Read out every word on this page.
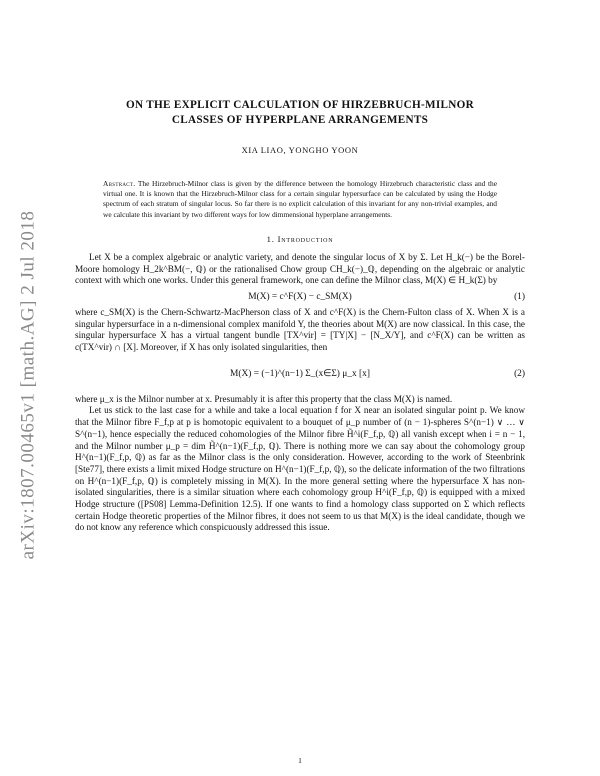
arXiv:1807.00465v1 [math.AG] 2 Jul 2018
ON THE EXPLICIT CALCULATION OF HIRZEBRUCH-MILNOR
CLASSES OF HYPERPLANE ARRANGEMENTS
XIA LIAO, YONGHO YOON
Abstract. The Hirzebruch-Milnor class is given by the difference between the homology Hirzebruch characteristic class and the virtual one. It is known that the Hirzebruch-Milnor class for a certain singular hypersurface can be calculated by using the Hodge spectrum of each stratum of singular locus. So far there is no explicit calculation of this invariant for any non-trivial examples, and we calculate this invariant by two different ways for low dimmensional hyperplane arrangements.
1. Introduction

Let X be a complex algebraic or analytic variety, and denote the singular locus of X by Σ. Let H_k(−) be the Borel-Moore homology H_2k^BM(−, ℚ) or the rationalised Chow group CH_k(−)_ℚ, depending on the algebraic or analytic context with which one works. Under this general framework, one can define the Milnor class, M(X) ∈ H_k(Σ) by

M(X) = c^F(X) − c_SM(X)	(1)

where c_SM(X) is the Chern-Schwartz-MacPherson class of X and c^F(X) is the Chern-Fulton class of X. When X is a singular hypersurface in a n-dimensional complex manifold Y, the theories about M(X) are now classical. In this case, the singular hypersurface X has a virtual tangent bundle [TX^vir] = [TY|X] − [N_X/Y], and c^F(X) can be written as c(TX^vir) ∩ [X]. Moreover, if X has only isolated singularities, then

M(X) = (−1)^(n−1) Σ_(x∈Σ) μ_x [x]	(2)

where μ_x is the Milnor number at x. Presumably it is after this property that the class M(X) is named.

Let us stick to the last case for a while and take a local equation f for X near an isolated singular point p. We know that the Milnor fibre F_f,p at p is homotopic equivalent to a bouquet of μ_p number of (n − 1)-spheres S^(n−1) ∨ … ∨ S^(n−1), hence especially the reduced cohomologies of the Milnor fibre H̃^i(F_f,p, ℚ) all vanish except when i = n − 1, and the Milnor number μ_p = dim H̃^(n−1)(F_f,p, ℚ). There is nothing more we can say about the cohomology group H^(n−1)(F_f,p, ℚ) as far as the Milnor class is the only consideration. However, according to the work of Steenbrink [Ste77], there exists a limit mixed Hodge structure on H^(n−1)(F_f,p, ℚ), so the delicate information of the two filtrations on H^(n−1)(F_f,p, ℚ) is completely missing in M(X). In the more general setting where the hypersurface X has non-isolated singularities, there is a similar situation where each cohomology group H^i(F_f,p, ℚ) is equipped with a mixed Hodge structure ([PS08] Lemma-Definition 12.5). If one wants to find a homology class supported on Σ which reflects certain Hodge theoretic properties of the Milnor fibres, it does not seem to us that M(X) is the ideal candidate, though we do not know any reference which conspicuously addressed this issue.

1
